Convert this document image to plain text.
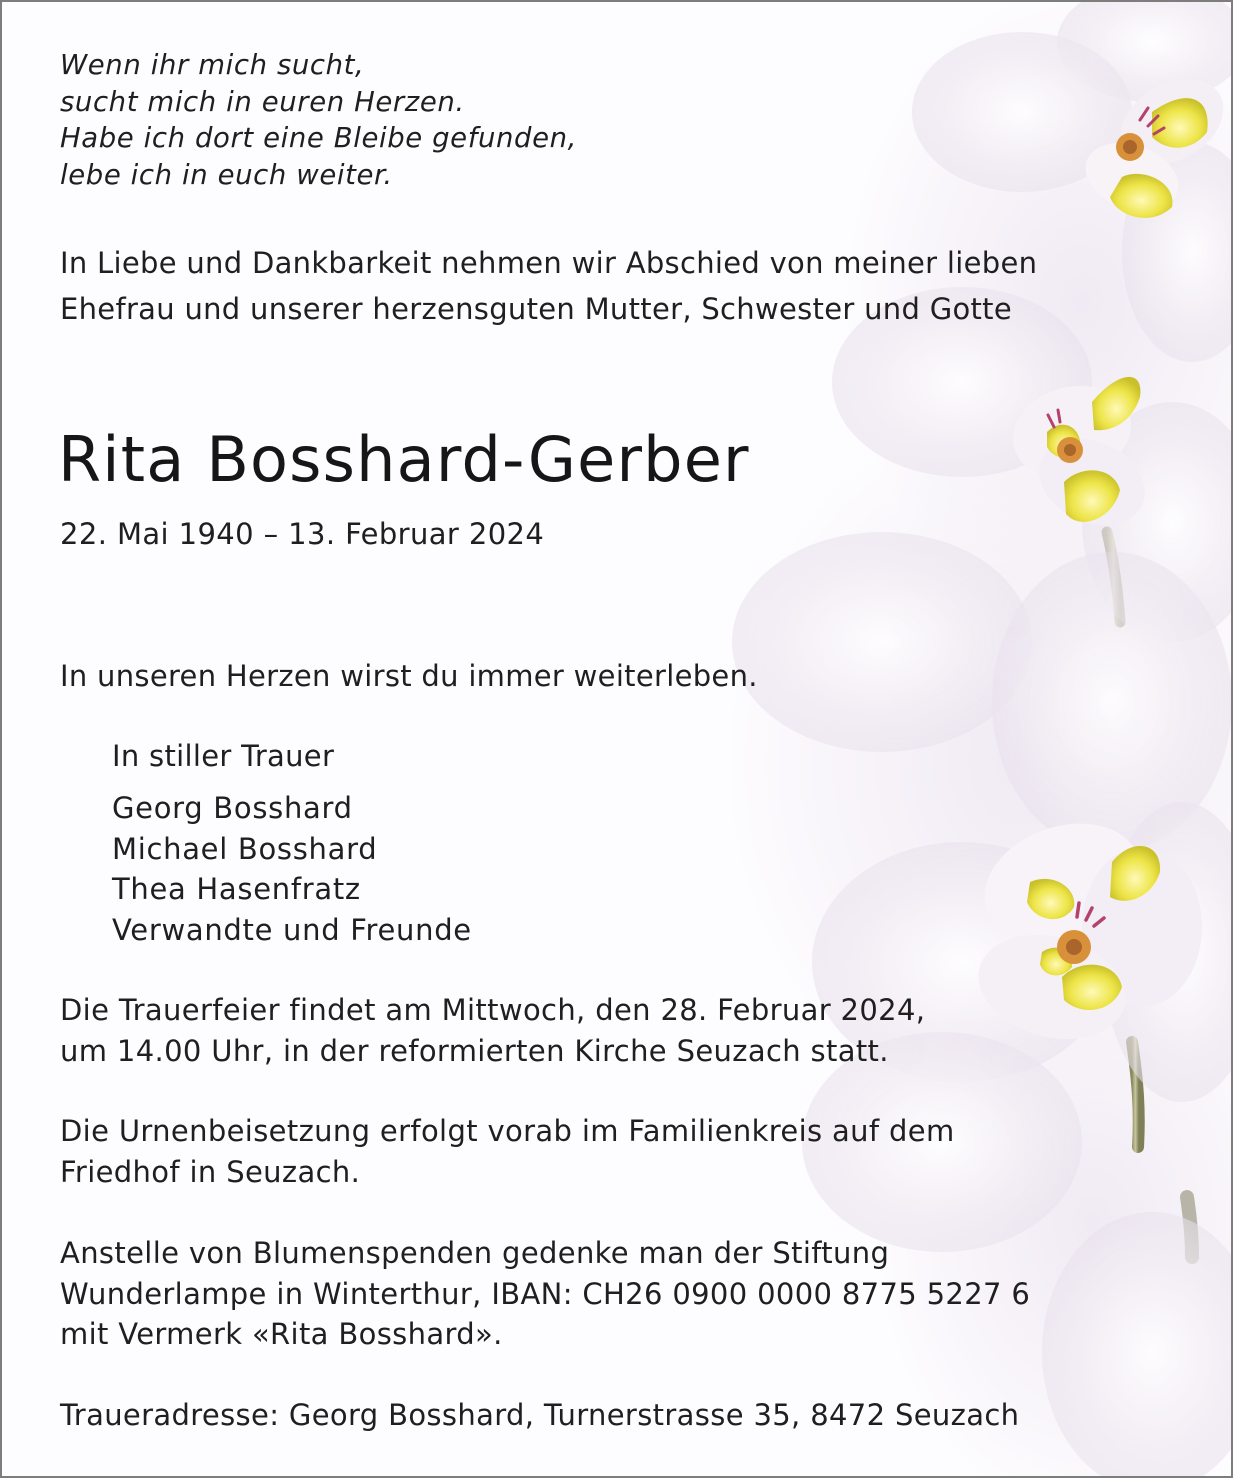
Wenn ihr mich sucht,
sucht mich in euren Herzen.
Habe ich dort eine Bleibe gefunden,
lebe ich in euch weiter.
In Liebe und Dankbarkeit nehmen wir Abschied von meiner lieben
Ehefrau und unserer herzensguten Mutter, Schwester und Gotte
Rita Bosshard-Gerber
22. Mai 1940 – 13. Februar 2024
In unseren Herzen wirst du immer weiterleben.
In stiller Trauer
Georg Bosshard
Michael Bosshard
Thea Hasenfratz
Verwandte und Freunde
Die Trauerfeier findet am Mittwoch, den 28. Februar 2024,
um 14.00 Uhr, in der reformierten Kirche Seuzach statt.
Die Urnenbeisetzung erfolgt vorab im Familienkreis auf dem
Friedhof in Seuzach.
Anstelle von Blumenspenden gedenke man der Stiftung
Wunderlampe in Winterthur, IBAN: CH26 0900 0000 8775 5227 6
mit Vermerk «Rita Bosshard».
Traueradresse: Georg Bosshard, Turnerstrasse 35, 8472 Seuzach
